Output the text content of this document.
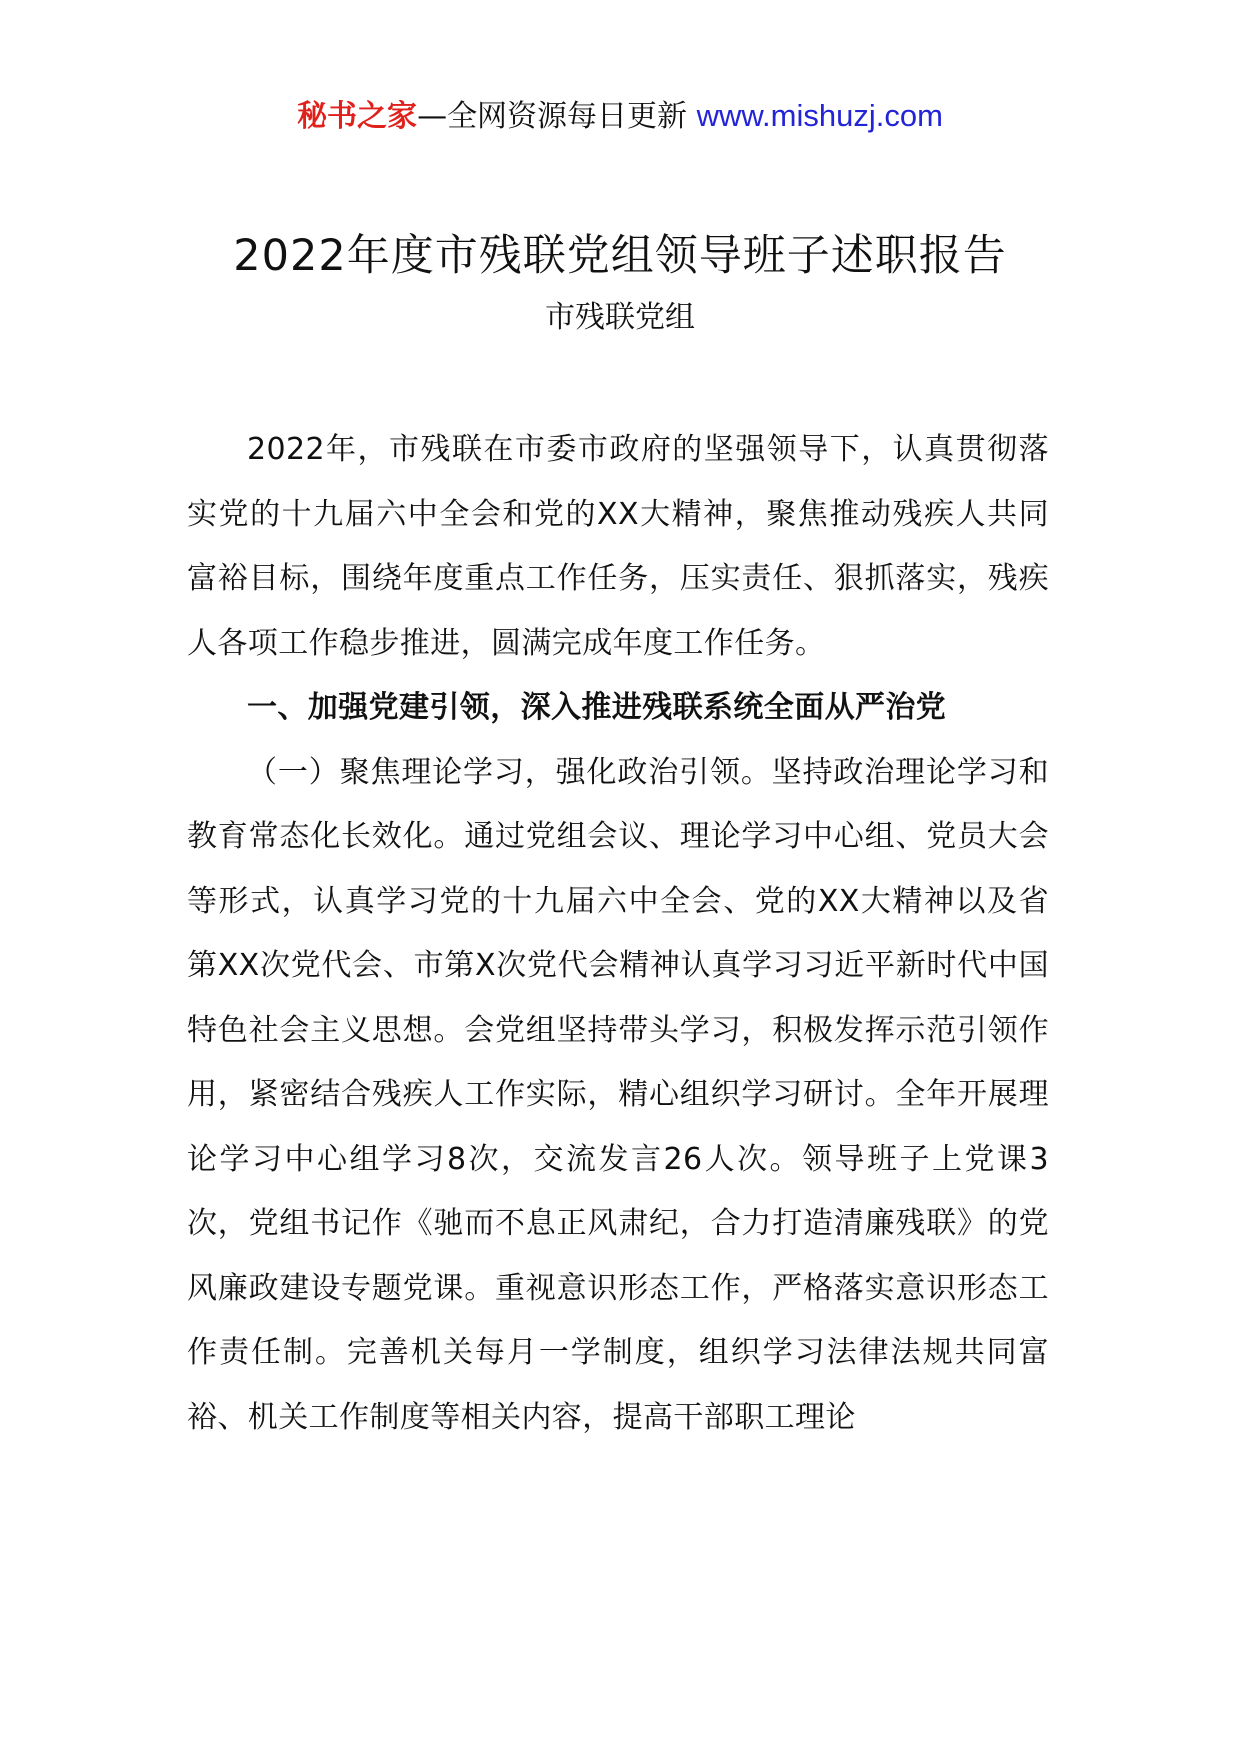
秘书之家—全网资源每日更新 www.mishuzj.com
2022年度市残联党组领导班子述职报告
市残联党组

2022年，市残联在市委市政府的坚强领导下，认真贯彻落实党的十九届六中全会和党的XX大精神，聚焦推动残疾人共同富裕目标，围绕年度重点工作任务，压实责任、狠抓落实，残疾人各项工作稳步推进，圆满完成年度工作任务。

一、加强党建引领，深入推进残联系统全面从严治党

（一）聚焦理论学习，强化政治引领。坚持政治理论学习和教育常态化长效化。通过党组会议、理论学习中心组、党员大会等形式，认真学习党的十九届六中全会、党的XX大精神以及省第XX次党代会、市第X次党代会精神认真学习习近平新时代中国特色社会主义思想。会党组坚持带头学习，积极发挥示范引领作用，紧密结合残疾人工作实际，精心组织学习研讨。全年开展理论学习中心组学习8次，交流发言26人次。领导班子上党课3次，党组书记作《驰而不息正风肃纪，合力打造清廉残联》的党风廉政建设专题党课。重视意识形态工作，严格落实意识形态工作责任制。完善机关每月一学制度，组织学习法律法规共同富裕、机关工作制度等相关内容，提高干部职工理论
